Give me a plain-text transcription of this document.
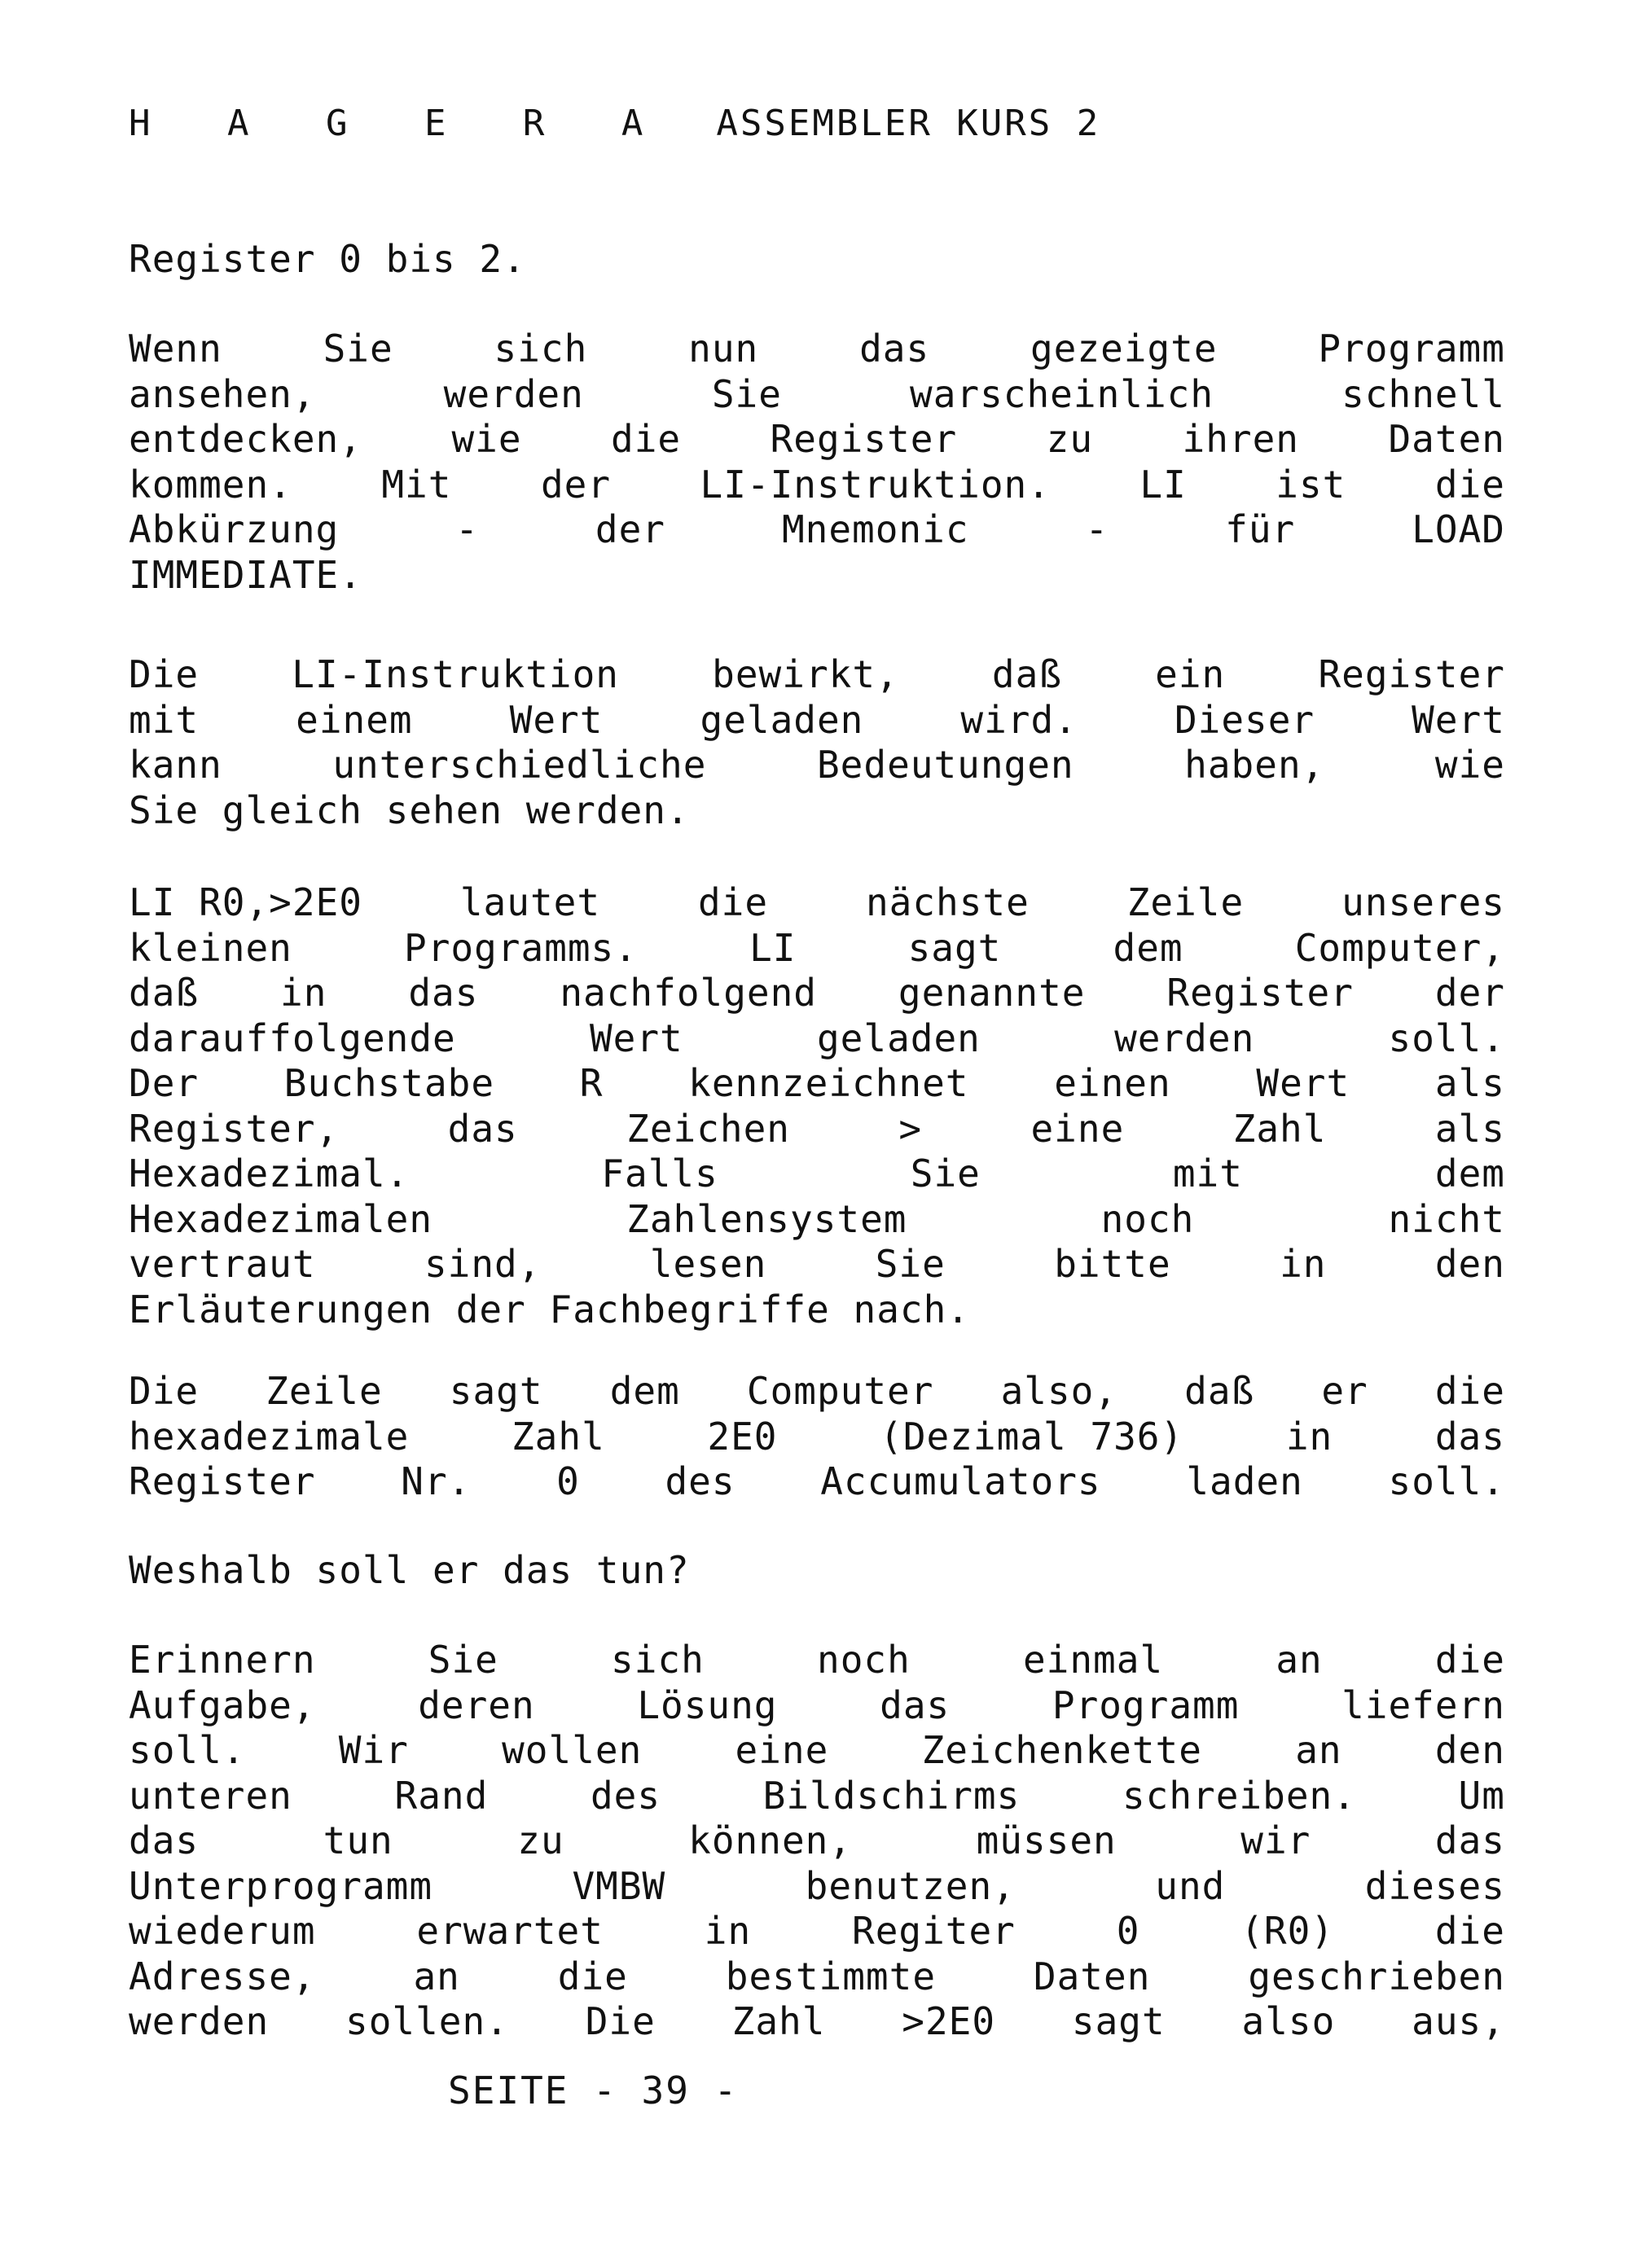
H A G E R A ASSEMBLER KURS 2
Register 0 bis 2.
Wenn	Sie	sich	nun	das	gezeigte	Programm
ansehen,	werden	Sie	warscheinlich	schnell
entdecken, wie die Register zu ihren Daten
kommen. Mit der LI-Instruktion. LI ist die
Abkürzung	-	der	Mnemonic	-	für	LOAD
IMMEDIATE.
Die LI-Instruktion bewirkt, daß ein Register
mit	einem	Wert	geladen	wird.	Dieser	Wert
kann	unterschiedliche	Bedeutungen	haben,	wie
Sie gleich sehen werden.
LI R0,>2E0	lautet	die	nächste	Zeile	unseres
kleinen	Programms.	LI	sagt	dem	Computer,
daß in das nachfolgend genannte Register der
darauffolgende	Wert	geladen	werden	soll.
Der Buchstabe R kennzeichnet einen Wert als
Register,	das	Zeichen	>	eine	Zahl	als
Hexadezimal.	Falls	Sie	mit	dem
Hexadezimalen	Zahlensystem	noch	nicht
vertraut	sind,	lesen	Sie	bitte	in	den
Erläuterungen der Fachbegriffe nach.
Die Zeile sagt dem Computer also, daß er die
hexadezimale	Zahl	2E0	(Dezimal 736)	in	das
Register Nr. 0 des Accumulators laden soll.
Weshalb soll er das tun?
Erinnern	Sie	sich	noch	einmal	an	die
Aufgabe,	deren	Lösung	das	Programm	liefern
soll. Wir wollen eine Zeichenkette an den
unteren	Rand	des	Bildschirms	schreiben.	Um
das	tun	zu	können,	müssen	wir	das
Unterprogramm	VMBW	benutzen,	und	dieses
wiederum	erwartet	in	Regiter	0	(R0)	die
Adresse,	an	die	bestimmte	Daten	geschrieben
werden sollen. Die Zahl >2E0 sagt also aus,
SEITE - 39 -
